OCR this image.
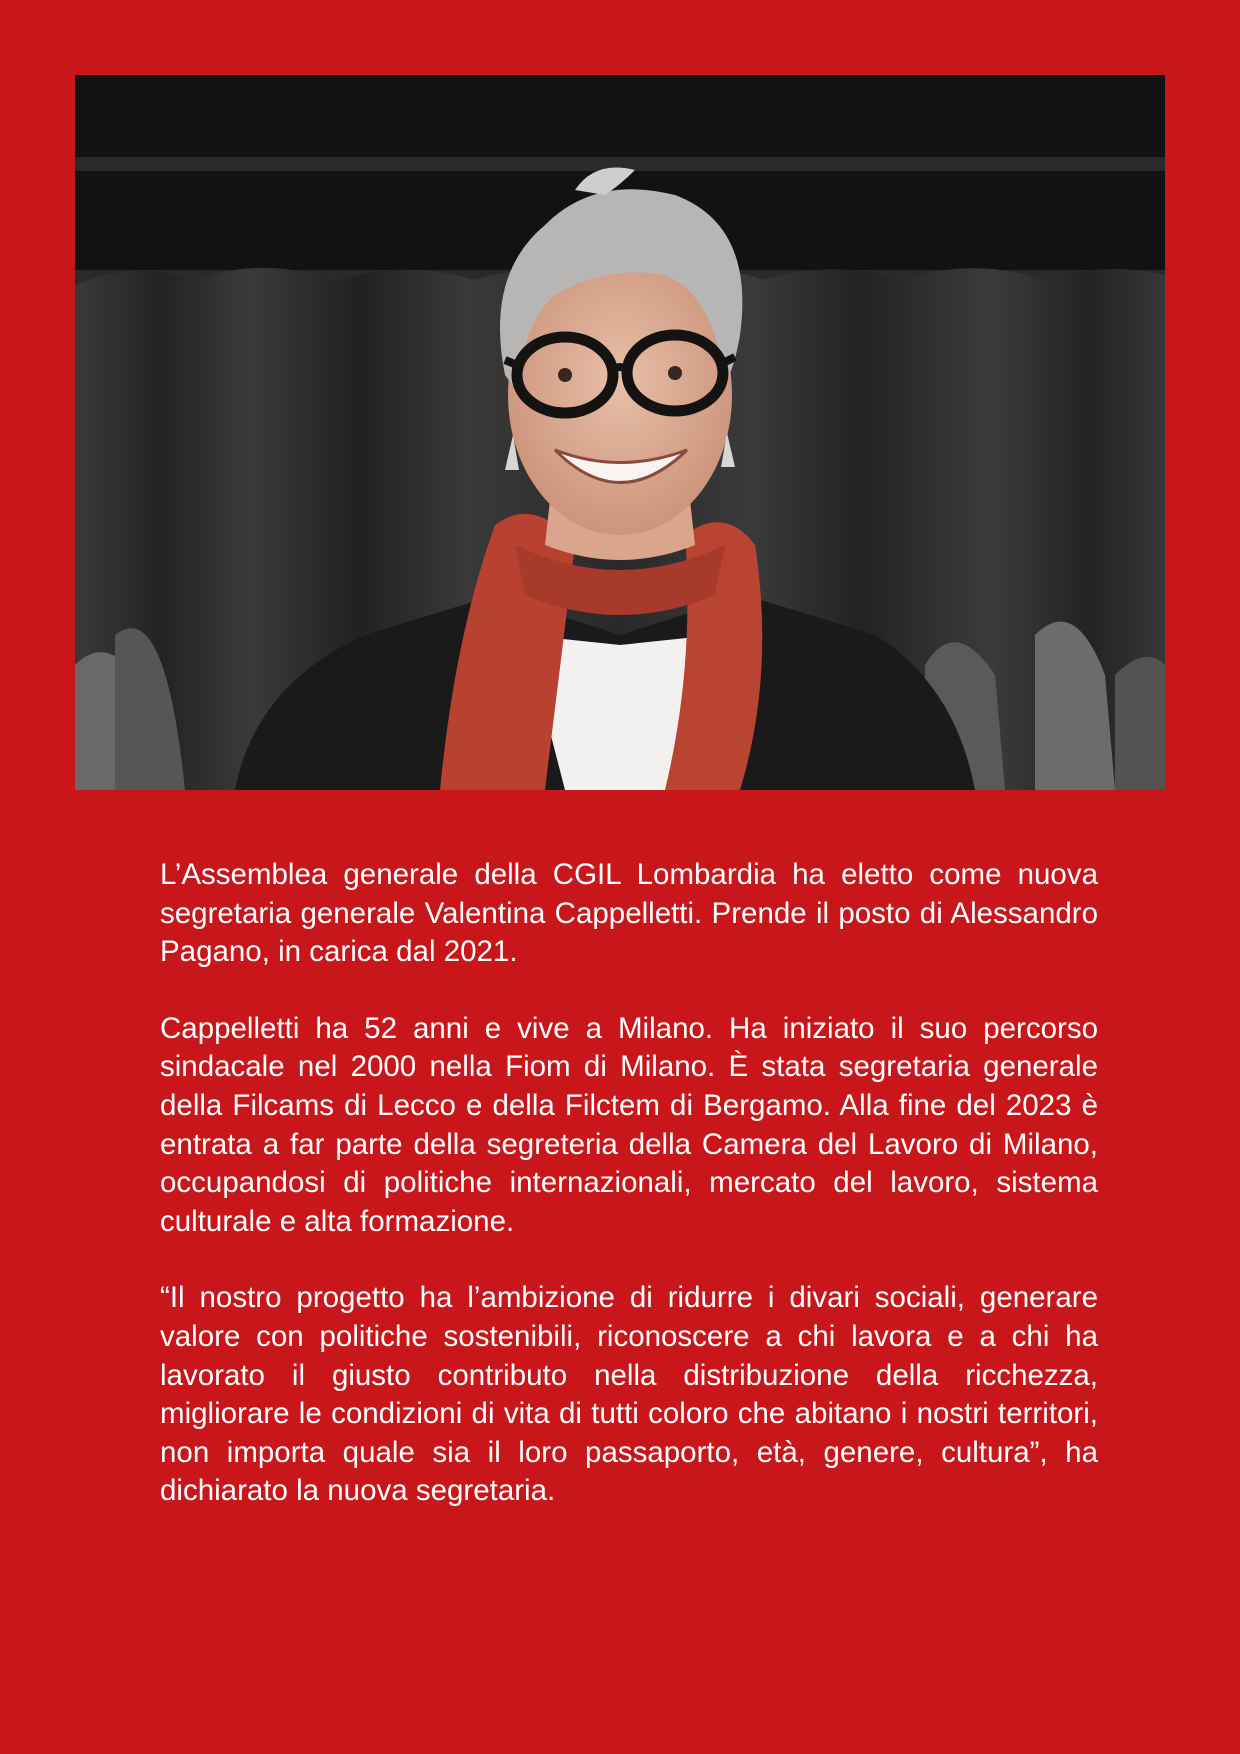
L’Assemblea generale della CGIL Lombardia ha eletto come nuova segretaria generale Valentina Cappelletti. Prende il posto di Alessandro Pagano, in carica dal 2021.

Cappelletti ha 52 anni e vive a Milano. Ha iniziato il suo percorso sindacale nel 2000 nella Fiom di Milano. È stata segretaria generale della Filcams di Lecco e della Filctem di Bergamo. Alla fine del 2023 è entrata a far parte della segreteria della Camera del Lavoro di Milano, occupandosi di politiche internazionali, mercato del lavoro, sistema culturale e alta formazione.

“Il nostro progetto ha l’ambizione di ridurre i divari sociali, generare valore con politiche sostenibili, riconoscere a chi lavora e a chi ha lavorato il giusto contributo nella distribuzione della ricchezza, migliorare le condizioni di vita di tutti coloro che abitano i nostri territori, non importa quale sia il loro passaporto, età, genere, cultura”, ha dichiarato la nuova segretaria.
